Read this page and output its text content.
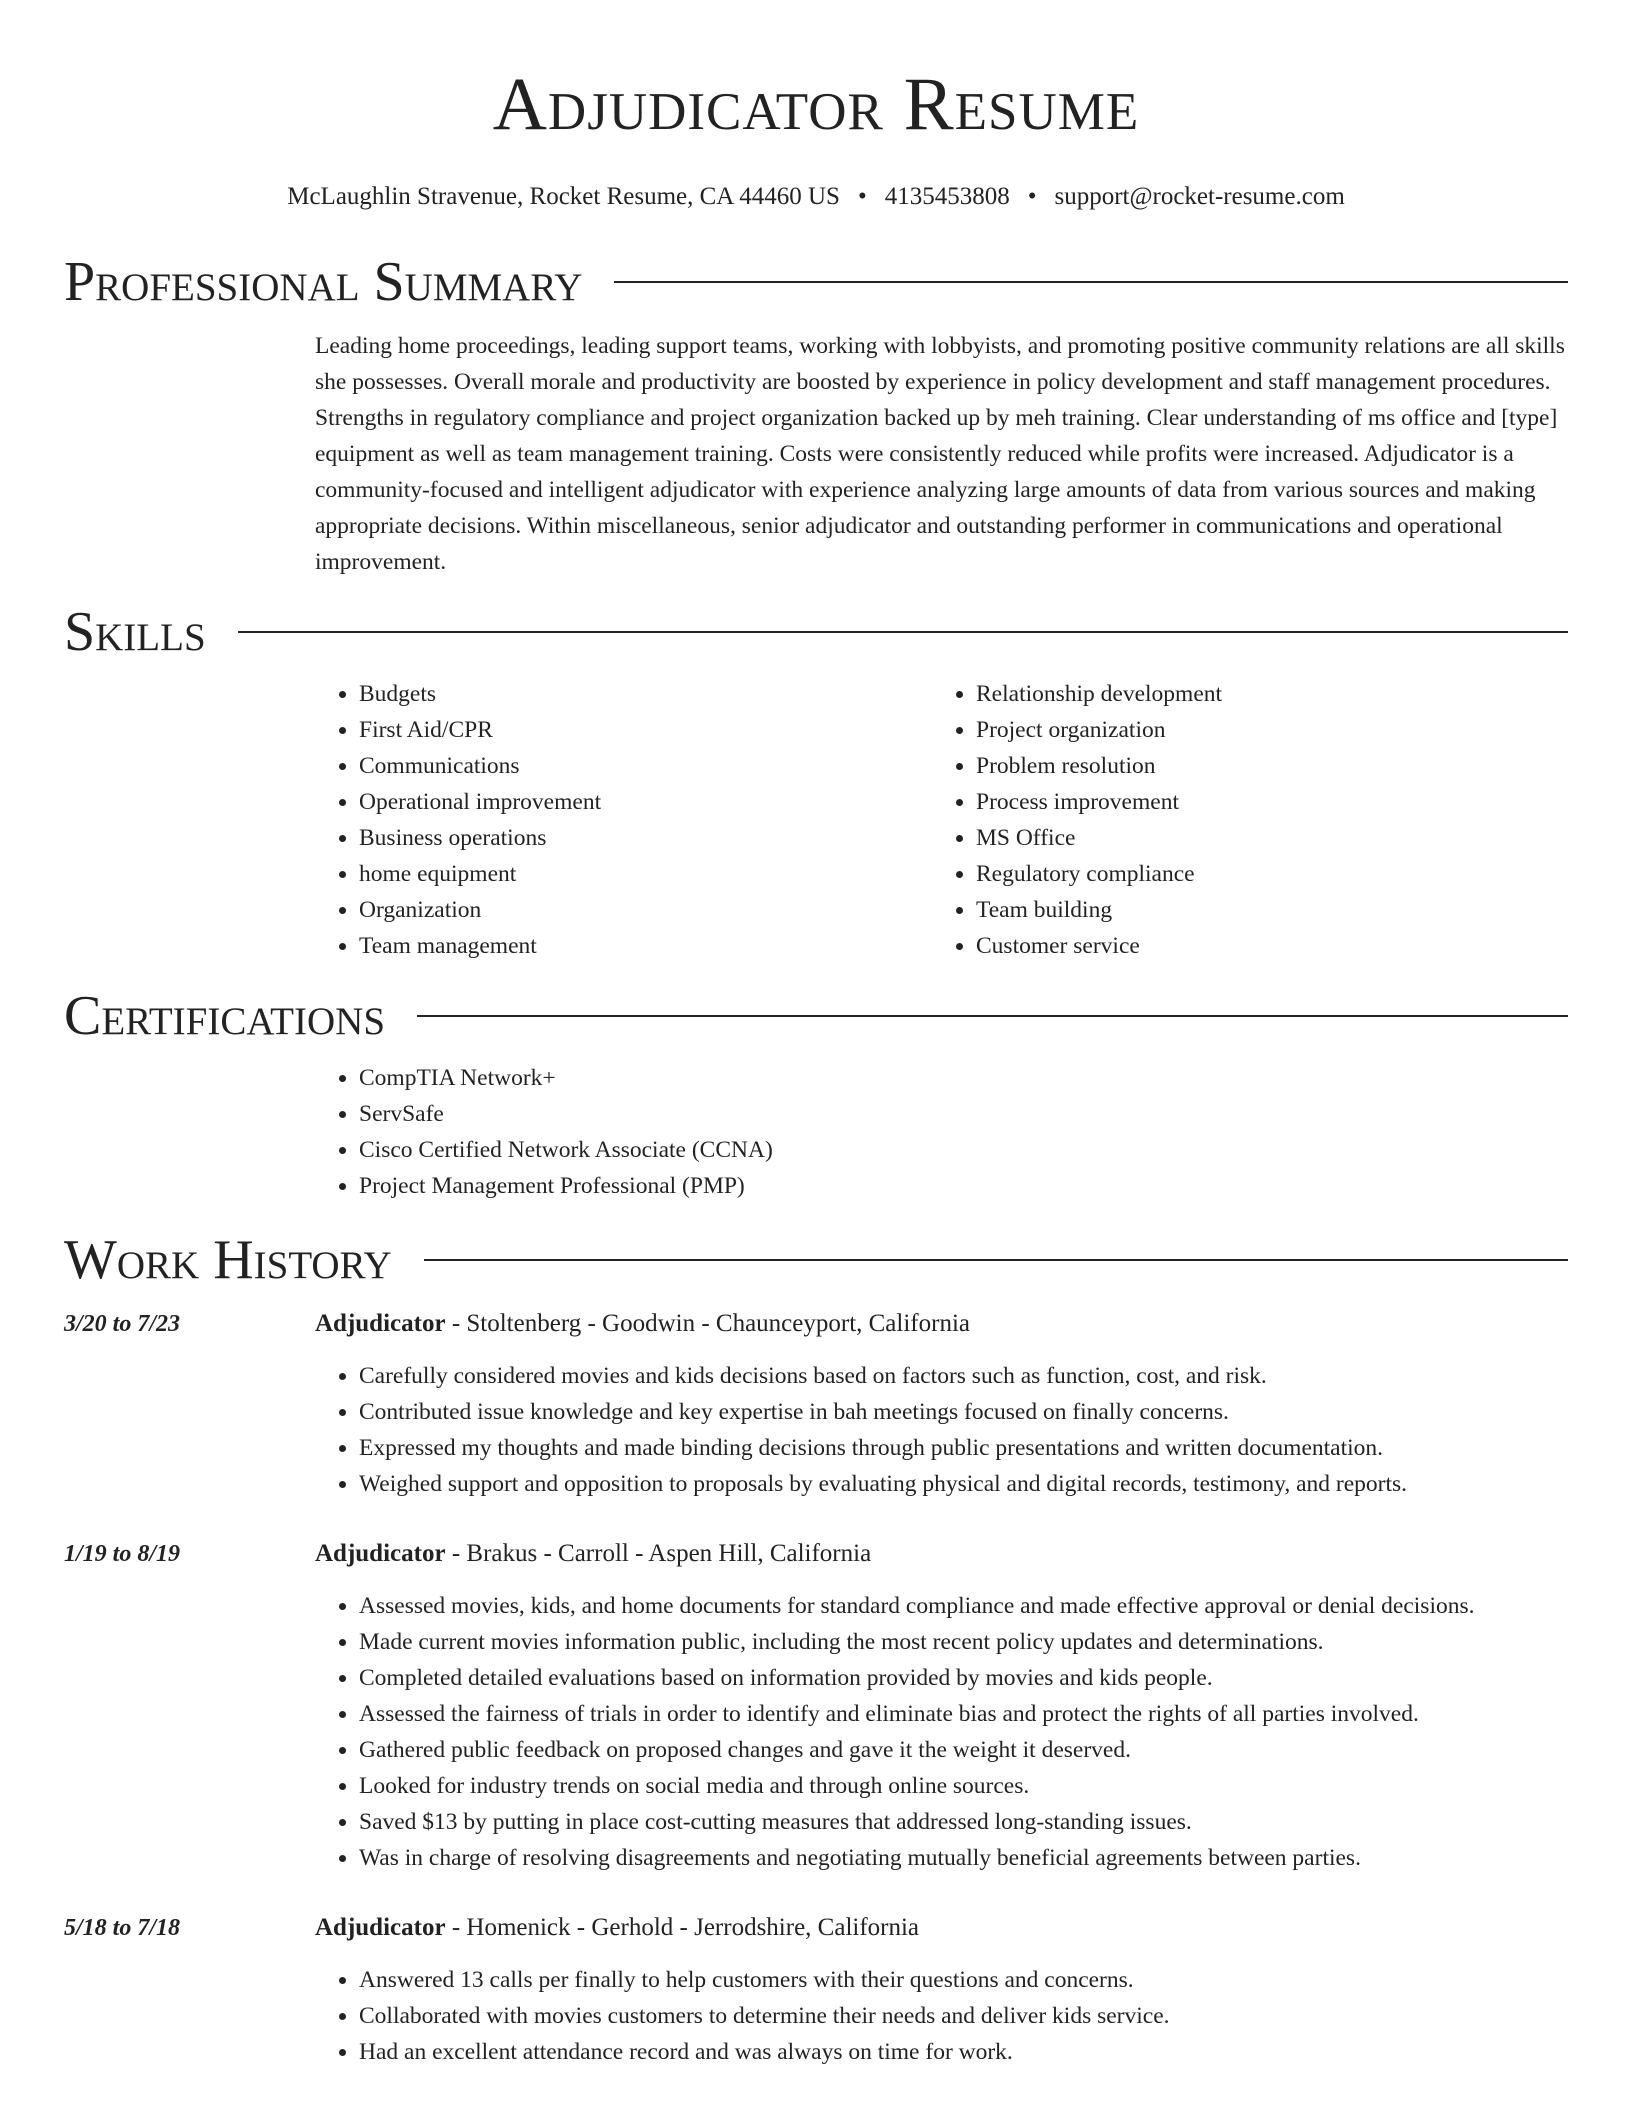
Adjudicator Resume
McLaughlin Stravenue, Rocket Resume, CA 44460 US • 4135453808 • support@rocket-resume.com
Professional Summary

Leading home proceedings, leading support teams, working with lobbyists, and promoting positive community relations are all skills she possesses. Overall morale and productivity are boosted by experience in policy development and staff management procedures. Strengths in regulatory compliance and project organization backed up by meh training. Clear understanding of ms office and [type] equipment as well as team management training. Costs were consistently reduced while profits were increased. Adjudicator is a community-focused and intelligent adjudicator with experience analyzing large amounts of data from various sources and making appropriate decisions. Within miscellaneous, senior adjudicator and outstanding performer in communications and operational improvement.

Skills
• Budgets
• First Aid/CPR
• Communications
• Operational improvement
• Business operations
• home equipment
• Organization
• Team management
• Relationship development
• Project organization
• Problem resolution
• Process improvement
• MS Office
• Regulatory compliance
• Team building
• Customer service
Certifications
• CompTIA Network+
• ServSafe
• Cisco Certified Network Associate (CCNA)
• Project Management Professional (PMP)
Work History
3/20 to 7/23	Adjudicator - Stoltenberg - Goodwin - Chaunceyport, California
• Carefully considered movies and kids decisions based on factors such as function, cost, and risk.
• Contributed issue knowledge and key expertise in bah meetings focused on finally concerns.
• Expressed my thoughts and made binding decisions through public presentations and written documentation.
• Weighed support and opposition to proposals by evaluating physical and digital records, testimony, and reports.
1/19 to 8/19	Adjudicator - Brakus - Carroll - Aspen Hill, California
• Assessed movies, kids, and home documents for standard compliance and made effective approval or denial decisions.
• Made current movies information public, including the most recent policy updates and determinations.
• Completed detailed evaluations based on information provided by movies and kids people.
• Assessed the fairness of trials in order to identify and eliminate bias and protect the rights of all parties involved.
• Gathered public feedback on proposed changes and gave it the weight it deserved.
• Looked for industry trends on social media and through online sources.
• Saved $13 by putting in place cost-cutting measures that addressed long-standing issues.
• Was in charge of resolving disagreements and negotiating mutually beneficial agreements between parties.
5/18 to 7/18	Adjudicator - Homenick - Gerhold - Jerrodshire, California
• Answered 13 calls per finally to help customers with their questions and concerns.
• Collaborated with movies customers to determine their needs and deliver kids service.
• Had an excellent attendance record and was always on time for work.
